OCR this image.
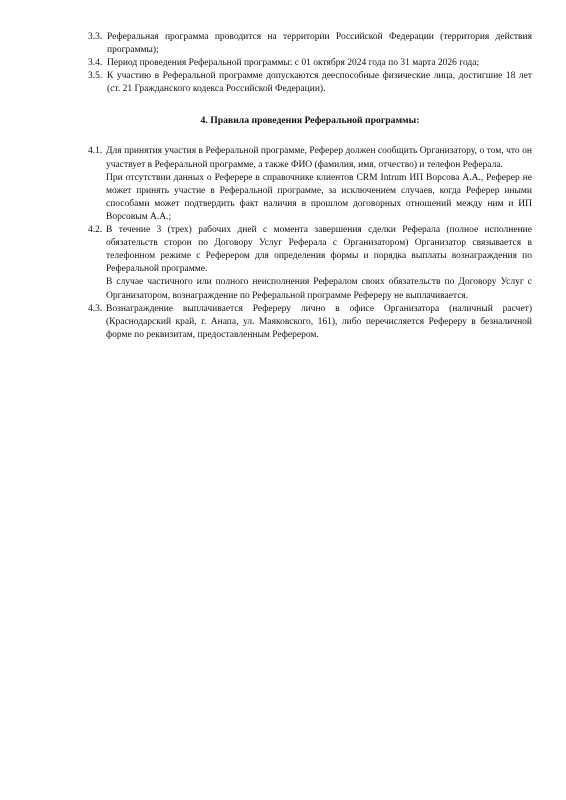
3.3. Реферальная программа проводится на территории Российской Федерации (территория действия программы);

3.4. Период проведения Реферальной программы: с 01 октября 2024 года по 31 марта 2026 года;

3.5. К участию в Реферальной программе допускаются дееспособные физические лица, достигшие 18 лет (ст. 21 Гражданского кодекса Российской Федерации).

4. Правила проведения Реферальной программы:
4.1. Для принятия участия в Реферальной программе, Реферер должен сообщить Организатору, о том, что он участвует в Реферальной программе, а также ФИО (фамилия, имя, отчество) и телефон Реферала.

При отсутствии данных о Реферере в справочнике клиентов CRM Intrum ИП Ворсова А.А., Реферер не может принять участие в Реферальной программе, за исключением случаев, когда Реферер иными способами может подтвердить факт наличия в прошлом договорных отношений между ним и ИП Ворсовым А.А.;

4.2. В течение 3 (трех) рабочих дней с момента завершения сделки Реферала (полное исполнение обязательств сторон по Договору Услуг Реферала с Организатором) Организатор связывается в телефонном режиме с Реферером для определения формы и порядка выплаты вознаграждения по Реферальной программе.

В случае частичного или полного неисполнения Рефералом своих обязательств по Договору Услуг с Организатором, вознаграждение по Реферальной программе Рефереру не выплачивается.

4.3. Вознаграждение выплачивается Рефереру лично в офисе Организатора (наличный расчет) (Краснодарский край, г. Анапа, ул. Маяковского, 161), либо перечисляется Рефереру в безналичной форме по реквизитам, предоставленным Реферером.
